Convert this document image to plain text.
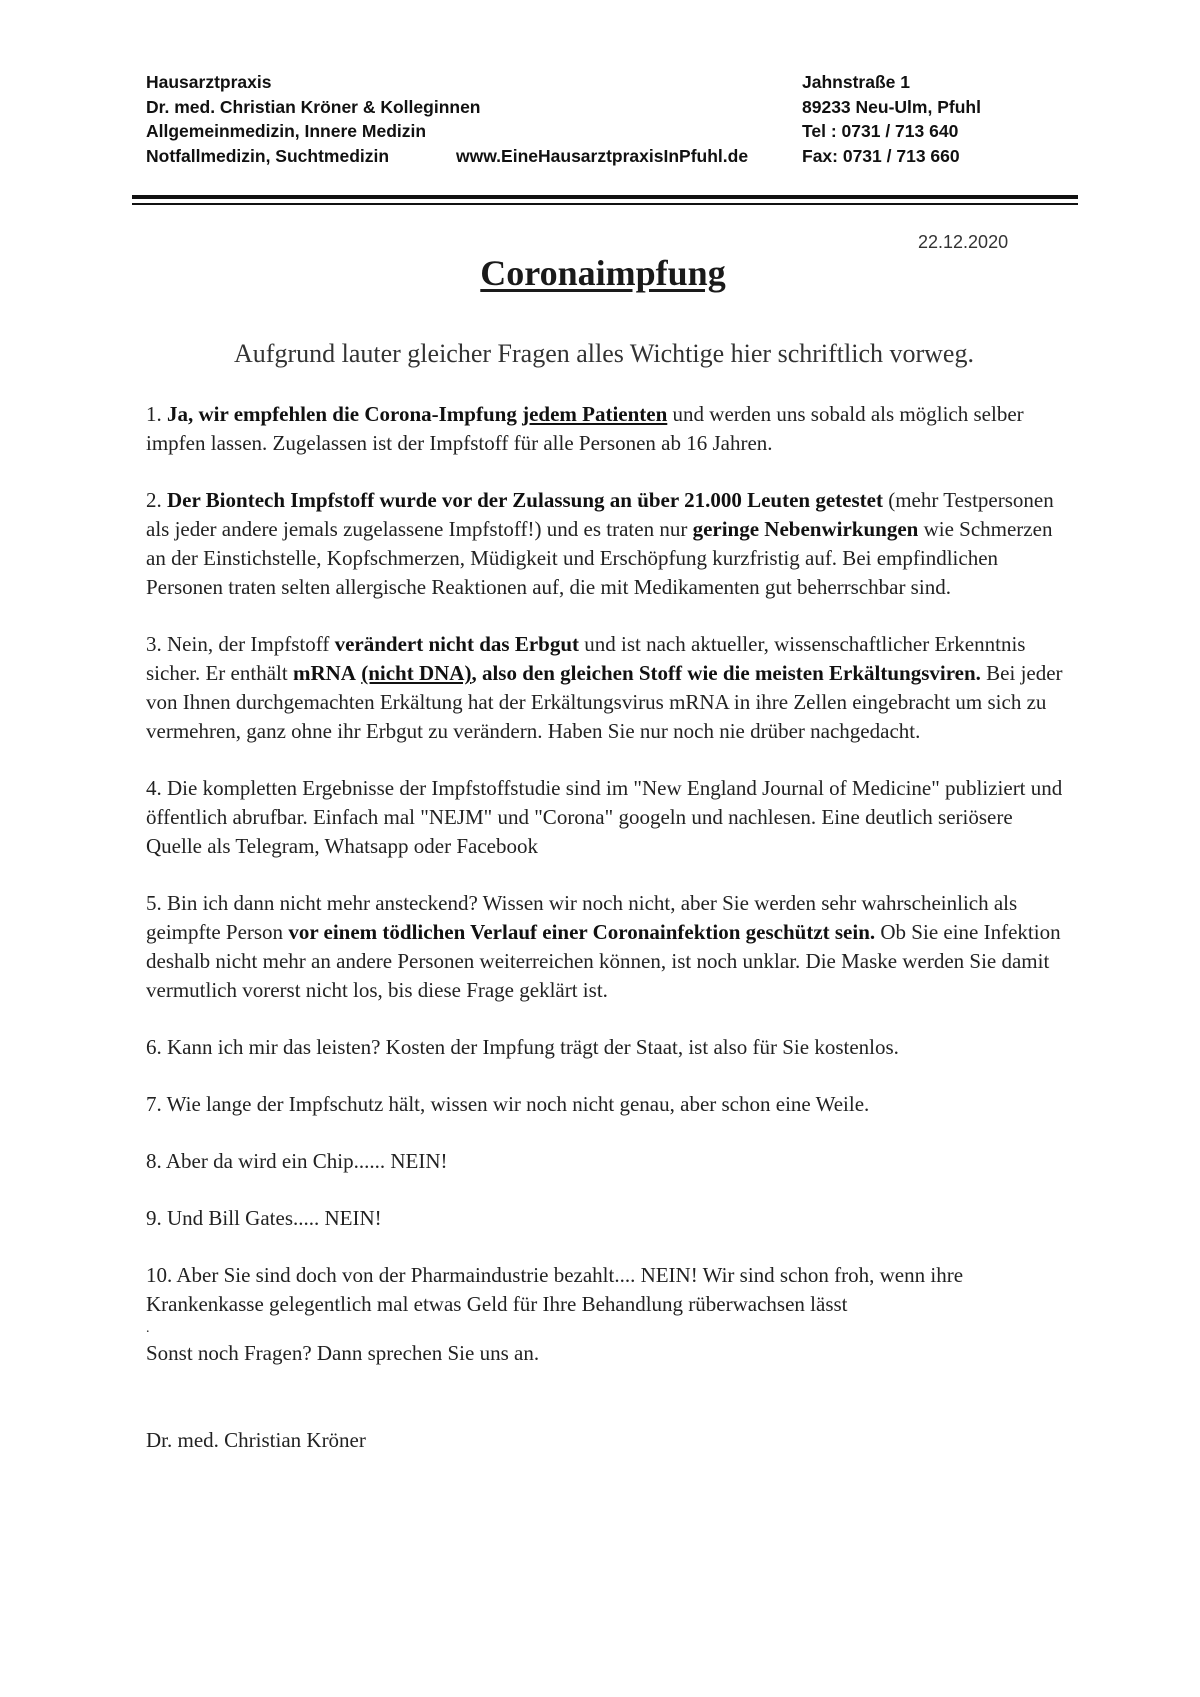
Hausarztpraxis
Dr. med. Christian Kröner & Kolleginnen
Allgemeinmedizin, Innere Medizin
Notfallmedizin, Suchtmedizin	www.EineHausarztpraxisInPfuhl.de
Jahnstraße 1
89233 Neu-Ulm, Pfuhl
Tel : 0731 / 713 640
Fax: 0731 / 713 660
22.12.2020
Coronaimpfung
Aufgrund lauter gleicher Fragen alles Wichtige hier schriftlich vorweg.

1. Ja, wir empfehlen die Corona-Impfung jedem Patienten und werden uns sobald als möglich selber impfen lassen. Zugelassen ist der Impfstoff für alle Personen ab 16 Jahren.

2. Der Biontech Impfstoff wurde vor der Zulassung an über 21.000 Leuten getestet (mehr Testpersonen als jeder andere jemals zugelassene Impfstoff!) und es traten nur geringe Nebenwirkungen wie Schmerzen an der Einstichstelle, Kopfschmerzen, Müdigkeit und Erschöpfung kurzfristig auf. Bei empfindlichen Personen traten selten allergische Reaktionen auf, die mit Medikamenten gut beherrschbar sind.

3. Nein, der Impfstoff verändert nicht das Erbgut und ist nach aktueller, wissenschaftlicher Erkenntnis sicher. Er enthält mRNA (nicht DNA), also den gleichen Stoff wie die meisten Erkältungsviren. Bei jeder von Ihnen durchgemachten Erkältung hat der Erkältungsvirus mRNA in ihre Zellen eingebracht um sich zu vermehren, ganz ohne ihr Erbgut zu verändern. Haben Sie nur noch nie drüber nachgedacht.

4. Die kompletten Ergebnisse der Impfstoffstudie sind im "New England Journal of Medicine" publiziert und öffentlich abrufbar. Einfach mal "NEJM" und "Corona" googeln und nachlesen. Eine deutlich seriösere Quelle als Telegram, Whatsapp oder Facebook

5. Bin ich dann nicht mehr ansteckend? Wissen wir noch nicht, aber Sie werden sehr wahrscheinlich als geimpfte Person vor einem tödlichen Verlauf einer Coronainfektion geschützt sein. Ob Sie eine Infektion deshalb nicht mehr an andere Personen weiterreichen können, ist noch unklar. Die Maske werden Sie damit vermutlich vorerst nicht los, bis diese Frage geklärt ist.

6. Kann ich mir das leisten? Kosten der Impfung trägt der Staat, ist also für Sie kostenlos.

7. Wie lange der Impfschutz hält, wissen wir noch nicht genau, aber schon eine Weile.

8. Aber da wird ein Chip...... NEIN!

9. Und Bill Gates..... NEIN!

10. Aber Sie sind doch von der Pharmaindustrie bezahlt.... NEIN! Wir sind schon froh, wenn ihre Krankenkasse gelegentlich mal etwas Geld für Ihre Behandlung rüberwachsen lässt

.

Sonst noch Fragen? Dann sprechen Sie uns an.

Dr. med. Christian Kröner
